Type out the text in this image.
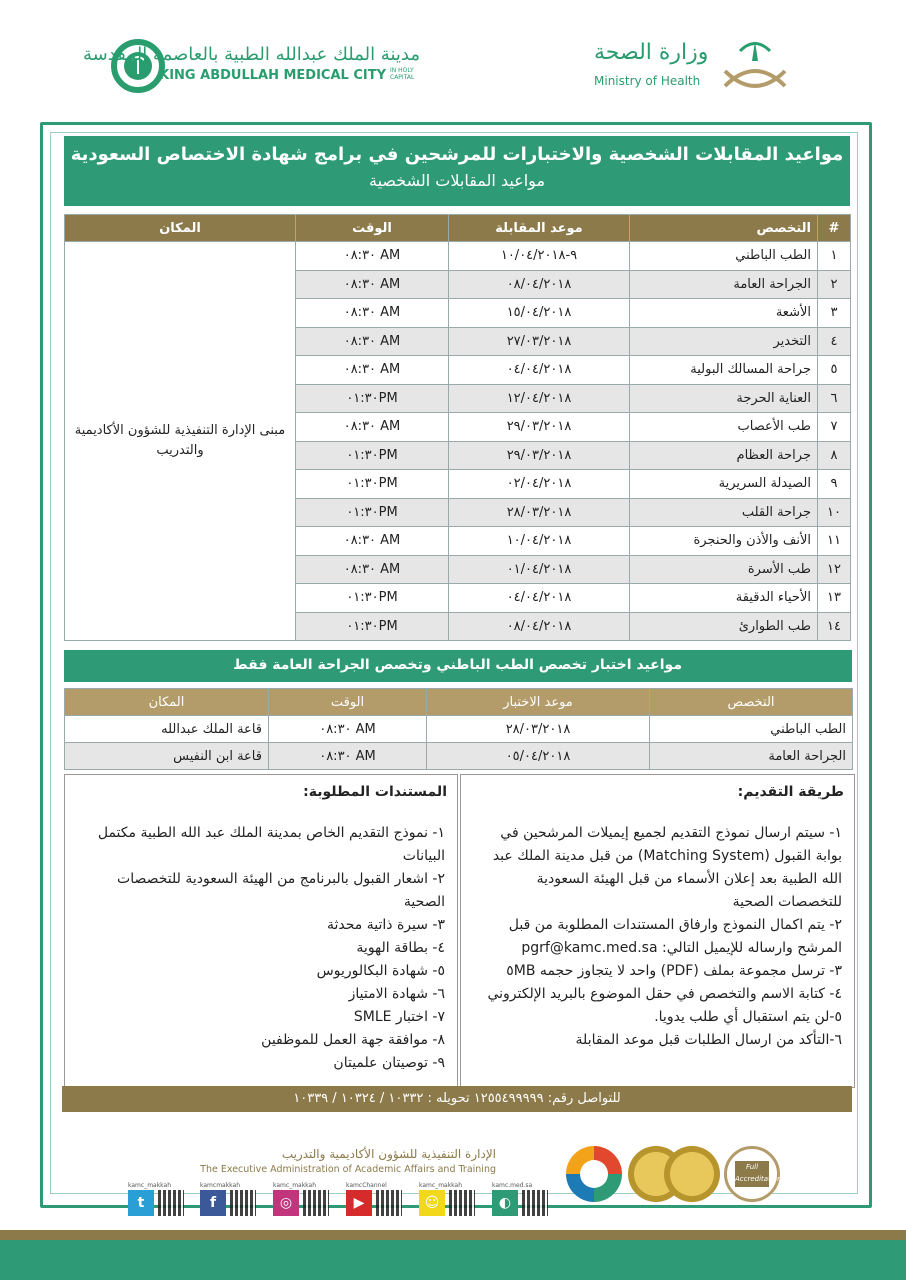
وزارة الصحة
Ministry of Health
مدينة الملك عبدالله الطبية بالعاصمة المقدسة
KING ABDULLAH MEDICAL CITY IN HOLY CAPITAL
مواعيد المقابلات الشخصية والاختبارات للمرشحين في برامج شهادة الاختصاص السعودية
مواعيد المقابلات الشخصية
#	التخصص	موعد المقابلة	الوقت	المكان
١	الطب الباطني	٩-١٠/٠٤/٢٠١٨	٠٨:٣٠ AM	مبنى الإدارة التنفيذية للشؤون الأكاديمية والتدريب
٢	الجراحة العامة	٠٨/٠٤/٢٠١٨	٠٨:٣٠ AM	
٣	الأشعة	١٥/٠٤/٢٠١٨	٠٨:٣٠ AM	
٤	التخدير	٢٧/٠٣/٢٠١٨	٠٨:٣٠ AM	
٥	جراحة المسالك البولية	٠٤/٠٤/٢٠١٨	٠٨:٣٠ AM	
٦	العناية الحرجة	١٢/٠٤/٢٠١٨	٠١:٣٠PM	
٧	طب الأعصاب	٢٩/٠٣/٢٠١٨	٠٨:٣٠ AM	
٨	جراحة العظام	٢٩/٠٣/٢٠١٨	٠١:٣٠PM	
٩	الصيدلة السريرية	٠٢/٠٤/٢٠١٨	٠١:٣٠PM	
١٠	جراحة القلب	٢٨/٠٣/٢٠١٨	٠١:٣٠PM	
١١	الأنف والأذن والحنجرة	١٠/٠٤/٢٠١٨	٠٨:٣٠ AM	
١٢	طب الأسرة	٠١/٠٤/٢٠١٨	٠٨:٣٠ AM	
١٣	الأحياء الدقيقة	٠٤/٠٤/٢٠١٨	٠١:٣٠PM	
١٤	طب الطوارئ	٠٨/٠٤/٢٠١٨	٠١:٣٠PM	
مواعيد اختبار تخصص الطب الباطني وتخصص الجراحة العامة فقط
التخصص	موعد الاختبار	الوقت	المكان
الطب الباطني	٢٨/٠٣/٢٠١٨	٠٨:٣٠ AM	قاعة الملك عبدالله
الجراحة العامة	٠٥/٠٤/٢٠١٨	٠٨:٣٠ AM	قاعة ابن النفيس
طريقة التقديم:
١- سيتم ارسال نموذج التقديم لجميع إيميلات المرشحين في بوابة القبول (Matching System) من قبل مدينة الملك عبد الله الطبية بعد إعلان الأسماء من قبل الهيئة السعودية للتخصصات الصحية
٢- يتم اكمال النموذج وارفاق المستندات المطلوبة من قبل المرشح وارساله للإيميل التالي: pgrf@kamc.med.sa
٣- ترسل مجموعة بملف (PDF) واحد لا يتجاوز حجمه ٥MB
٤- كتابة الاسم والتخصص في حقل الموضوع بالبريد الإلكتروني
٥-لن يتم استقبال أي طلب يدويا.
٦-التأكد من ارسال الطلبات قبل موعد المقابلة
المستندات المطلوبة:
١- نموذج التقديم الخاص بمدينة الملك عبد الله الطبية مكتمل البيانات
٢- اشعار القبول بالبرنامج من الهيئة السعودية للتخصصات الصحية
٣- سيرة ذاتية محدثة
٤- بطاقة الهوية
٥- شهادة البكالوريوس
٦- شهادة الامتياز
٧- اختبار SMLE
٨- موافقة جهة العمل للموظفين
٩- توصيتان علميتان
للتواصل رقم: ١٢٥٥٤٩٩٩٩٩ تحويله : ١٠٣٣٢ / ١٠٣٢٤ / ١٠٣٣٩
الإدارة التنفيذية للشؤون الأكاديمية والتدريب
The Executive Administration of Academic Affairs and Training
kamc_makkah
t
kamcmakkah
f
kamc_makkah
◎
kamcChannel
▶
kamc_makkah
☺
kamc.med.sa
◐
Full Accreditation
